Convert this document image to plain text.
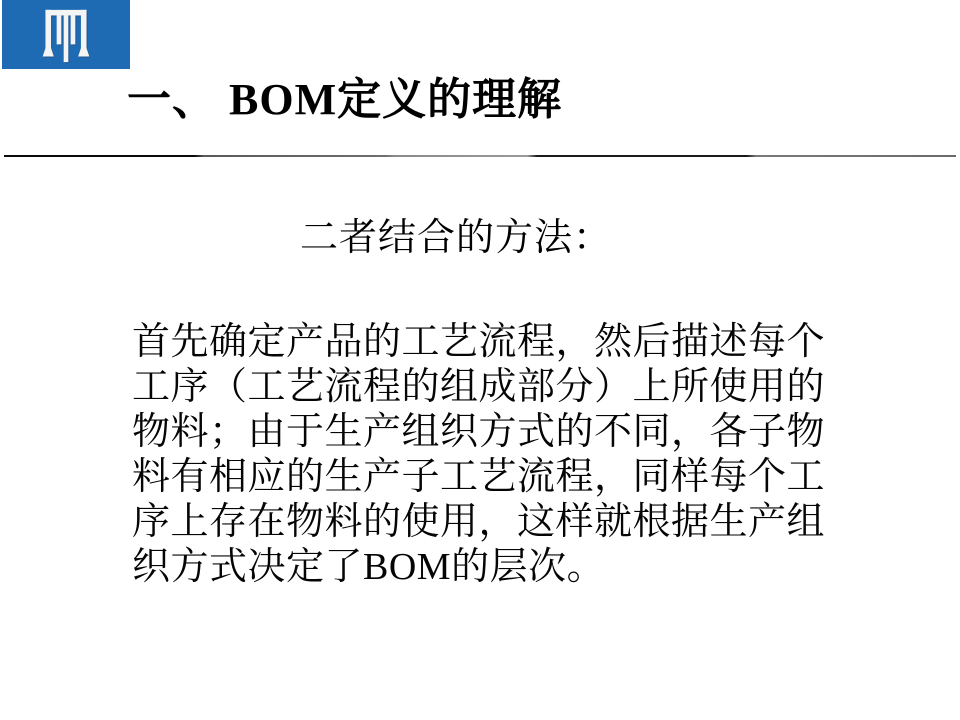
一、 BOM定义的理解
二者结合的方法：
首先确定产品的工艺流程，然后描述每个
工序（工艺流程的组成部分）上所使用的
物料；由于生产组织方式的不同，各子物
料有相应的生产子工艺流程，同样每个工
序上存在物料的使用，这样就根据生产组
织方式决定了BOM的层次。
